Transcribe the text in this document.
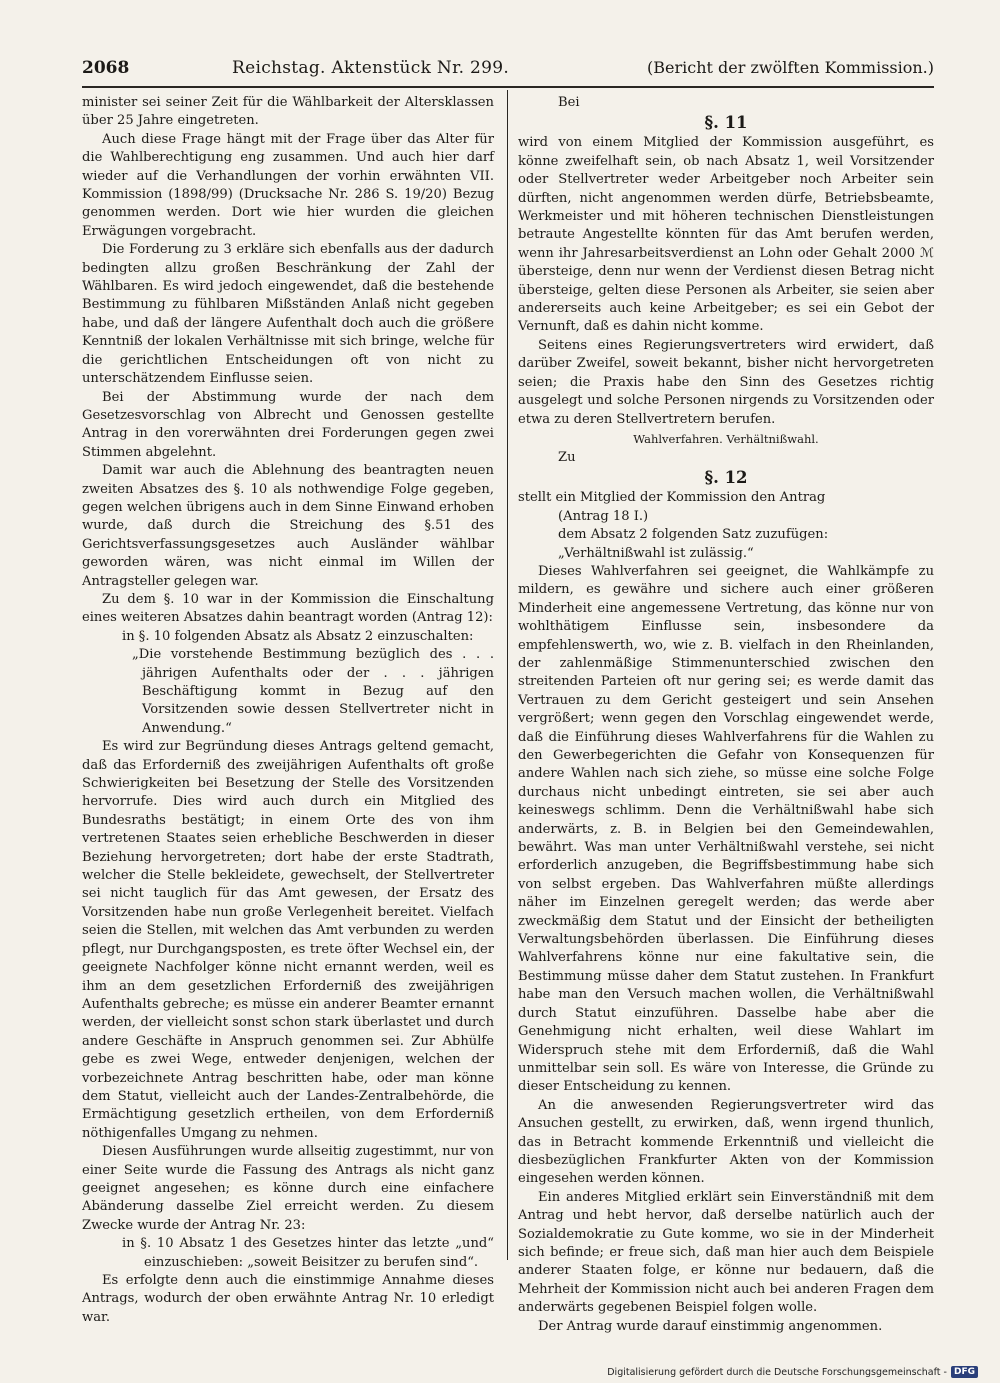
2068	Reichstag. Aktenstück Nr. 299.	(Bericht der zwölften Kommission.)

minister sei seiner Zeit für die Wählbarkeit der Altersklassen über 25 Jahre eingetreten.

Auch diese Frage hängt mit der Frage über das Alter für die Wahlberechtigung eng zusammen. Und auch hier darf wieder auf die Verhandlungen der vorhin erwähnten VII. Kommission (1898/99) (Drucksache Nr. 286 S. 19/20) Bezug genommen werden. Dort wie hier wurden die gleichen Erwägungen vorgebracht.

Die Forderung zu 3 erkläre sich ebenfalls aus der dadurch bedingten allzu großen Beschränkung der Zahl der Wählbaren. Es wird jedoch eingewendet, daß die bestehende Bestimmung zu fühlbaren Mißständen Anlaß nicht gegeben habe, und daß der längere Aufenthalt doch auch die größere Kenntniß der lokalen Verhältnisse mit sich bringe, welche für die gerichtlichen Entscheidungen oft von nicht zu unterschätzendem Einflusse seien.

Bei der Abstimmung wurde der nach dem Gesetzesvorschlag von Albrecht und Genossen gestellte Antrag in den vorerwähnten drei Forderungen gegen zwei Stimmen abgelehnt.

Damit war auch die Ablehnung des beantragten neuen zweiten Absatzes des §. 10 als nothwendige Folge gegeben, gegen welchen übrigens auch in dem Sinne Einwand erhoben wurde, daß durch die Streichung des §.51 des Gerichtsverfassungsgesetzes auch Ausländer wählbar geworden wären, was nicht einmal im Willen der Antragsteller gelegen war.

Zu dem §. 10 war in der Kommission die Einschaltung eines weiteren Absatzes dahin beantragt worden (Antrag 12):

in §. 10 folgenden Absatz als Absatz 2 einzuschalten:

„Die vorstehende Bestimmung bezüglich des . . . jährigen Aufenthalts oder der . . . jährigen Beschäftigung kommt in Bezug auf den Vorsitzenden sowie dessen Stellvertreter nicht in Anwendung.“

Es wird zur Begründung dieses Antrags geltend gemacht, daß das Erforderniß des zweijährigen Aufenthalts oft große Schwierigkeiten bei Besetzung der Stelle des Vorsitzenden hervorrufe. Dies wird auch durch ein Mitglied des Bundesraths bestätigt; in einem Orte des von ihm vertretenen Staates seien erhebliche Beschwerden in dieser Beziehung hervorgetreten; dort habe der erste Stadtrath, welcher die Stelle bekleidete, gewechselt, der Stellvertreter sei nicht tauglich für das Amt gewesen, der Ersatz des Vorsitzenden habe nun große Verlegenheit bereitet. Vielfach seien die Stellen, mit welchen das Amt verbunden zu werden pflegt, nur Durchgangsposten, es trete öfter Wechsel ein, der geeignete Nachfolger könne nicht ernannt werden, weil es ihm an dem gesetzlichen Erforderniß des zweijährigen Aufenthalts gebreche; es müsse ein anderer Beamter ernannt werden, der vielleicht sonst schon stark überlastet und durch andere Geschäfte in Anspruch genommen sei. Zur Abhülfe gebe es zwei Wege, entweder denjenigen, welchen der vorbezeichnete Antrag beschritten habe, oder man könne dem Statut, vielleicht auch der Landes-Zentralbehörde, die Ermächtigung gesetzlich ertheilen, von dem Erforderniß nöthigenfalles Umgang zu nehmen.

Diesen Ausführungen wurde allseitig zugestimmt, nur von einer Seite wurde die Fassung des Antrags als nicht ganz geeignet angesehen; es könne durch eine einfachere Abänderung dasselbe Ziel erreicht werden. Zu diesem Zwecke wurde der Antrag Nr. 23:

in §. 10 Absatz 1 des Gesetzes hinter das letzte „und“ einzuschieben: „soweit Beisitzer zu berufen sind“.

Es erfolgte denn auch die einstimmige Annahme dieses Antrags, wodurch der oben erwähnte Antrag Nr. 10 erledigt war.

Bei

§. 11

wird von einem Mitglied der Kommission ausgeführt, es könne zweifelhaft sein, ob nach Absatz 1, weil Vorsitzender oder Stellvertreter weder Arbeitgeber noch Arbeiter sein dürften, nicht angenommen werden dürfe, Betriebsbeamte, Werkmeister und mit höheren technischen Dienstleistungen betraute Angestellte könnten für das Amt berufen werden, wenn ihr Jahresarbeitsverdienst an Lohn oder Gehalt 2000 ℳ übersteige, denn nur wenn der Verdienst diesen Betrag nicht übersteige, gelten diese Personen als Arbeiter, sie seien aber andererseits auch keine Arbeitgeber; es sei ein Gebot der Vernunft, daß es dahin nicht komme.

Seitens eines Regierungsvertreters wird erwidert, daß darüber Zweifel, soweit bekannt, bisher nicht hervorgetreten seien; die Praxis habe den Sinn des Gesetzes richtig ausgelegt und solche Personen nirgends zu Vorsitzenden oder etwa zu deren Stellvertretern berufen.

Wahlverfahren. Verhältnißwahl.

Zu

§. 12

stellt ein Mitglied der Kommission den Antrag

(Antrag 18 I.)

dem Absatz 2 folgenden Satz zuzufügen:

„Verhältnißwahl ist zulässig.“

Dieses Wahlverfahren sei geeignet, die Wahlkämpfe zu mildern, es gewähre und sichere auch einer größeren Minderheit eine angemessene Vertretung, das könne nur von wohlthätigem Einflusse sein, insbesondere da empfehlenswerth, wo, wie z. B. vielfach in den Rheinlanden, der zahlenmäßige Stimmenunterschied zwischen den streitenden Parteien oft nur gering sei; es werde damit das Vertrauen zu dem Gericht gesteigert und sein Ansehen vergrößert; wenn gegen den Vorschlag eingewendet werde, daß die Einführung dieses Wahlverfahrens für die Wahlen zu den Gewerbegerichten die Gefahr von Konsequenzen für andere Wahlen nach sich ziehe, so müsse eine solche Folge durchaus nicht unbedingt eintreten, sie sei aber auch keineswegs schlimm. Denn die Verhältnißwahl habe sich anderwärts, z. B. in Belgien bei den Gemeindewahlen, bewährt. Was man unter Verhältnißwahl verstehe, sei nicht erforderlich anzugeben, die Begriffsbestimmung habe sich von selbst ergeben. Das Wahlverfahren müßte allerdings näher im Einzelnen geregelt werden; das werde aber zweckmäßig dem Statut und der Einsicht der betheiligten Verwaltungsbehörden überlassen. Die Einführung dieses Wahlverfahrens könne nur eine fakultative sein, die Bestimmung müsse daher dem Statut zustehen. In Frankfurt habe man den Versuch machen wollen, die Verhältnißwahl durch Statut einzuführen. Dasselbe habe aber die Genehmigung nicht erhalten, weil diese Wahlart im Widerspruch stehe mit dem Erforderniß, daß die Wahl unmittelbar sein soll. Es wäre von Interesse, die Gründe zu dieser Entscheidung zu kennen.

An die anwesenden Regierungsvertreter wird das Ansuchen gestellt, zu erwirken, daß, wenn irgend thunlich, das in Betracht kommende Erkenntniß und vielleicht die diesbezüglichen Frankfurter Akten von der Kommission eingesehen werden können.

Ein anderes Mitglied erklärt sein Einverständniß mit dem Antrag und hebt hervor, daß derselbe natürlich auch der Sozialdemokratie zu Gute komme, wo sie in der Minderheit sich befinde; er freue sich, daß man hier auch dem Beispiele anderer Staaten folge, er könne nur bedauern, daß die Mehrheit der Kommission nicht auch bei anderen Fragen dem anderwärts gegebenen Beispiel folgen wolle.

Der Antrag wurde darauf einstimmig angenommen.

Digitalisierung gefördert durch die Deutsche Forschungsgemeinschaft - DFG
